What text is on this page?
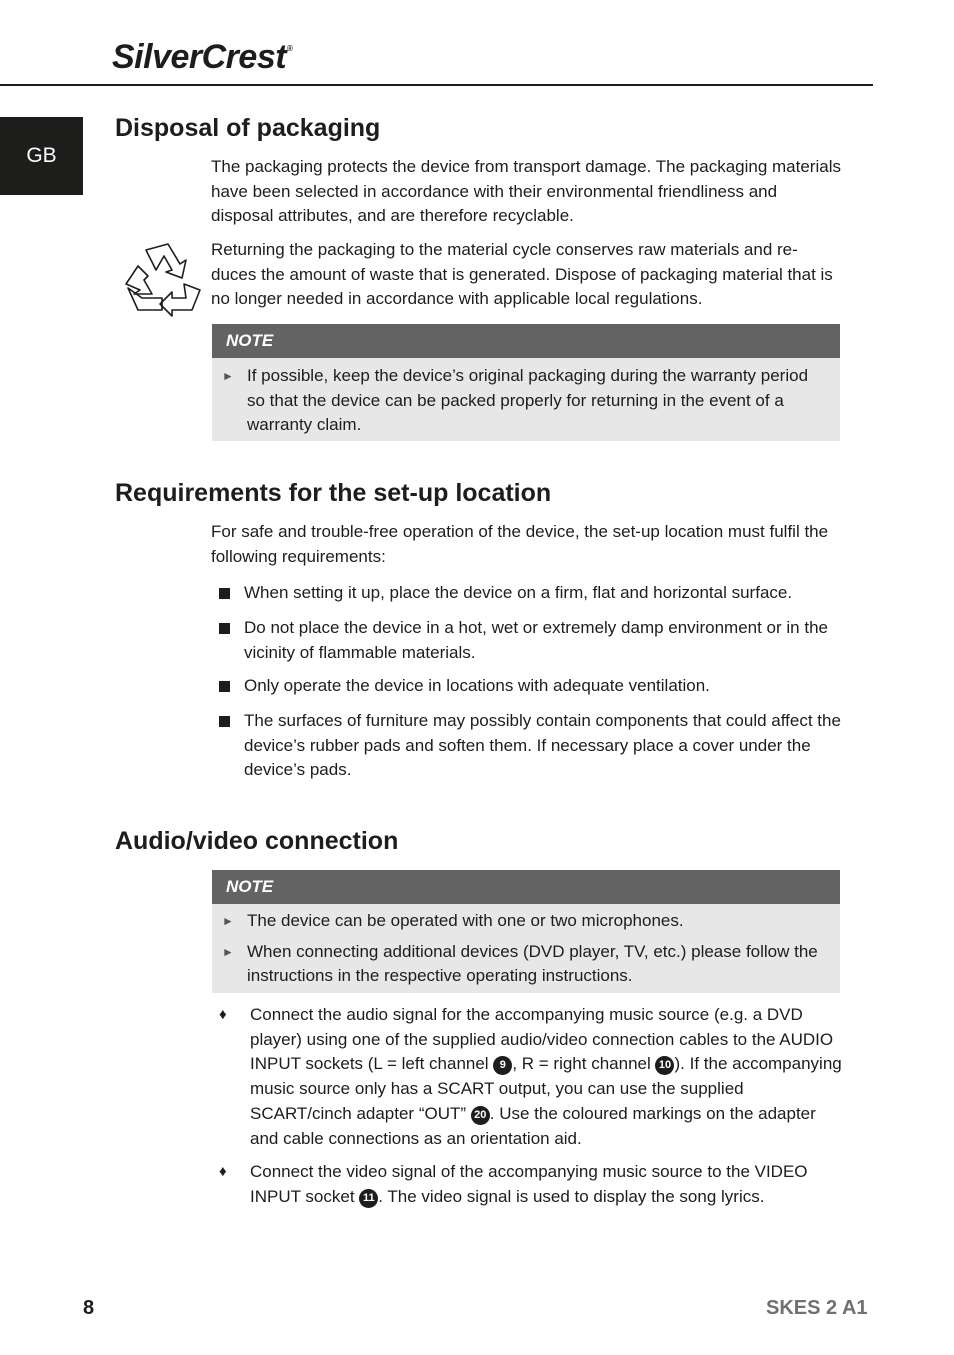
SilverCrest®
GB
Disposal of packaging

The packaging protects the device from transport damage. The packaging materials have been selected in accordance with their environmental friendliness and disposal attributes, and are therefore recyclable.

Returning the packaging to the material cycle conserves raw materials and re-duces the amount of waste that is generated. Dispose of packaging material that is no longer needed in accordance with applicable local regulations.

NOTE
► If possible, keep the device’s original packaging during the warranty period so that the device can be packed properly for returning in the event of a warranty claim.
Requirements for the set-up location

For safe and trouble-free operation of the device, the set-up location must fulfil the following requirements:

When setting it up, place the device on a firm, flat and horizontal surface.
Do not place the device in a hot, wet or extremely damp environment or in the vicinity of flammable materials.
Only operate the device in locations with adequate ventilation.
The surfaces of furniture may possibly contain components that could affect the device’s rubber pads and soften them. If necessary place a cover under the device’s pads.
Audio/video connection
NOTE
► The device can be operated with one or two microphones.
► When connecting additional devices (DVD player, TV, etc.) please follow the instructions in the respective operating instructions.
♦ Connect the audio signal for the accompanying music source (e.g. a DVD player) using one of the supplied audio/video connection cables to the AUDIO INPUT sockets (L = left channel 9 , R = right channel 10 ). If the accompanying music source only has a SCART output, you can use the supplied SCART/cinch adapter “OUT” 20 . Use the coloured markings on the adapter and cable connections as an orientation aid.
♦ Connect the video signal of the accompanying music source to the VIDEO INPUT socket 11 . The video signal is used to display the song lyrics.
8	SKES 2 A1
